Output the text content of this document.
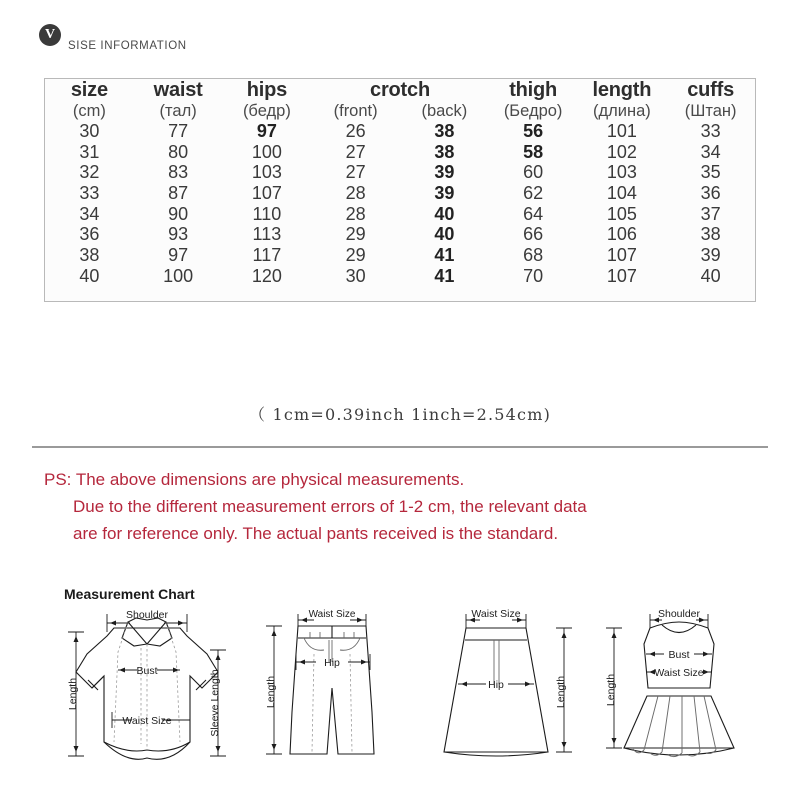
V
SISE INFORMATION
size	waist	hips	crotch		thigh	length	cuffs
(cm)	(тал)	(бедр)	(front)	(back)	(Бедро)	(длина)	(Штан)
30	77	97	26	38	56	101	33
31	80	100	27	38	58	102	34
32	83	103	27	39	60	103	35
33	87	107	28	39	62	104	36
34	90	110	28	40	64	105	37
36	93	113	29	40	66	106	38
38	97	117	29	41	68	107	39
40	100	120	30	41	70	107	40

（ 1cm=0.39inch 1inch=2.54cm)
PS: The above dimensions are physical measurements.
Due to the different measurement errors of 1-2 cm, the relevant data
are for reference only. The actual pants received is the standard.
Measurement Chart
Shoulder
Bust
Waist Size
Length	Sleeve Length
Waist Size
Hip
Length
Waist Size
Hip	Length
Shoulder
Bust
Waist Size
Length
